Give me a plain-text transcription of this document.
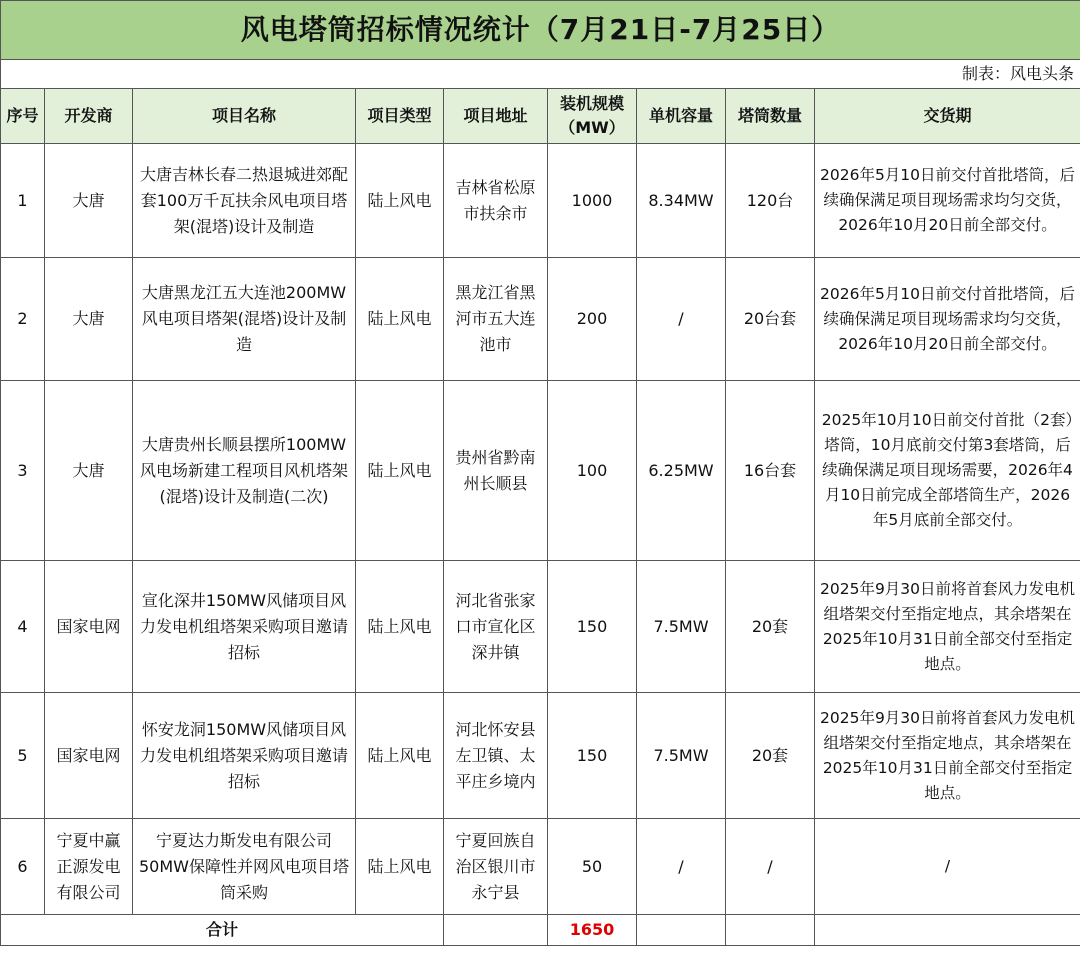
风电塔筒招标情况统计（7月21日-7月25日）								
制表：风电头条								
序号	开发商	项目名称	项目类型	项目地址	装机规模（MW）	单机容量	塔筒数量	交货期
1	大唐	大唐吉林长春二热退城进郊配套100万千瓦扶余风电项目塔架(混塔)设计及制造	陆上风电	吉林省松原市扶余市	1000	8.34MW	120台	2026年5月10日前交付首批塔筒，后续确保满足项目现场需求均匀交货，2026年10月20日前全部交付。
2	大唐	大唐黑龙江五大连池200MW风电项目塔架(混塔)设计及制造	陆上风电	黑龙江省黑河市五大连池市	200	/	20台套	2026年5月10日前交付首批塔筒，后续确保满足项目现场需求均匀交货，2026年10月20日前全部交付。
3	大唐	大唐贵州长顺县摆所100MW风电场新建工程项目风机塔架(混塔)设计及制造(二次)	陆上风电	贵州省黔南州长顺县	100	6.25MW	16台套	2025年10月10日前交付首批（2套）塔筒，10月底前交付第3套塔筒，后续确保满足项目现场需要，2026年4月10日前完成全部塔筒生产，2026年5月底前全部交付。
4	国家电网	宣化深井150MW风储项目风力发电机组塔架采购项目邀请招标	陆上风电	河北省张家口市宣化区深井镇	150	7.5MW	20套	2025年9月30日前将首套风力发电机组塔架交付至指定地点，其余塔架在2025年10月31日前全部交付至指定地点。
5	国家电网	怀安龙洞150MW风储项目风力发电机组塔架采购项目邀请招标	陆上风电	河北怀安县左卫镇、太平庄乡境内	150	7.5MW	20套	2025年9月30日前将首套风力发电机组塔架交付至指定地点，其余塔架在2025年10月31日前全部交付至指定地点。
6	宁夏中赢正源发电有限公司	宁夏达力斯发电有限公司50MW保障性并网风电项目塔筒采购	陆上风电	宁夏回族自治区银川市永宁县	50	/	/	/
合计					1650			
